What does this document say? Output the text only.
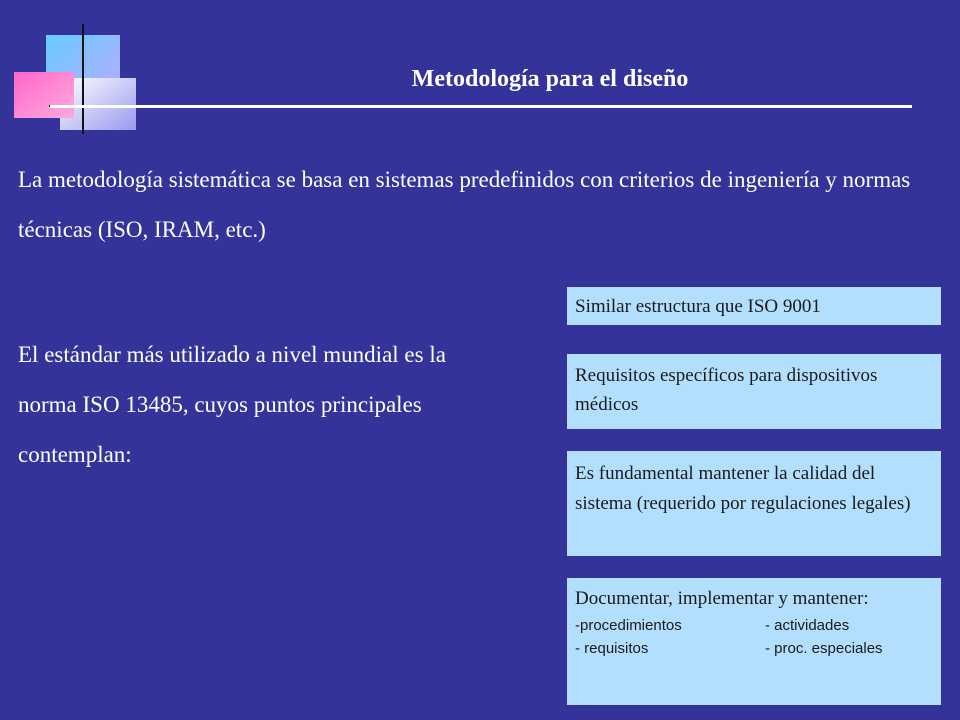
Metodología para el diseño

La metodología sistemática se basa en sistemas predefinidos con criterios de ingeniería y normas técnicas (ISO, IRAM, etc.)

El estándar más utilizado a nivel mundial es la norma ISO 13485, cuyos puntos principales contemplan:

Similar estructura que ISO 9001

Requisitos específicos para dispositivos médicos

Es fundamental mantener la calidad del sistema (requerido por regulaciones legales)

Documentar, implementar y mantener:

-procedimientos	- actividades
- requisitos	- proc. especiales
